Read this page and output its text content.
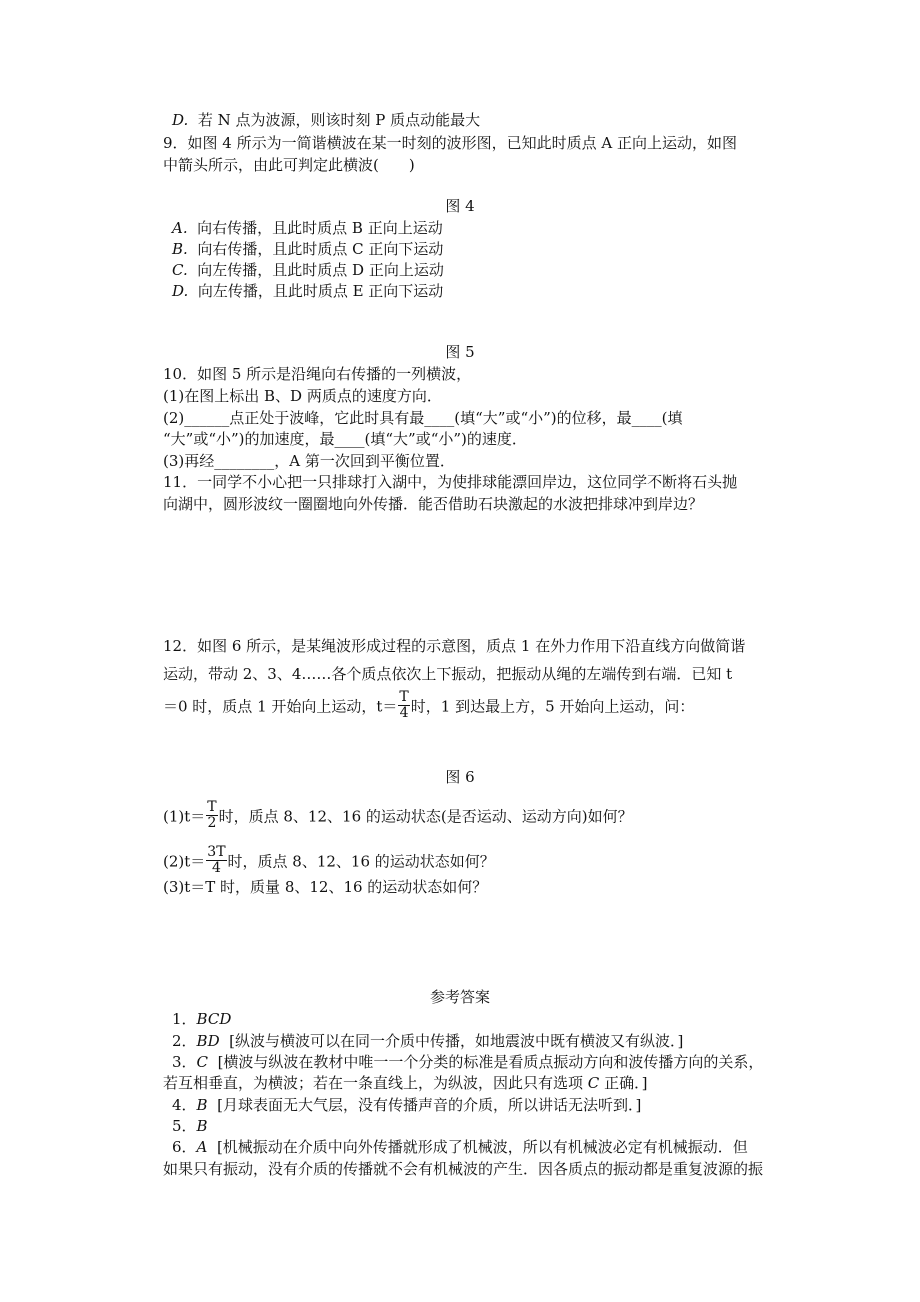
D. 若 N 点为波源，则该时刻 P 质点动能最大
9．如图 4 所示为一简谐横波在某一时刻的波形图，已知此时质点 A 正向上运动，如图
中箭头所示，由此可判定此横波(　　)
图 4
A. 向右传播，且此时质点 B 正向上运动
B. 向右传播，且此时质点 C 正向下运动
C. 向左传播，且此时质点 D 正向上运动
D. 向左传播，且此时质点 E 正向下运动
图 5
10．如图 5 所示是沿绳向右传播的一列横波，
(1)在图上标出 B、D 两质点的速度方向．
(2)______点正处于波峰，它此时具有最____(填“大”或“小”)的位移，最____(填
“大”或“小”)的加速度，最____(填“大”或“小”)的速度．
(3)再经________，A 第一次回到平衡位置．
11．一同学不小心把一只排球打入湖中，为使排球能漂回岸边，这位同学不断将石头抛
向湖中，圆形波纹一圈圈地向外传播．能否借助石块激起的水波把排球冲到岸边？
12．如图 6 所示，是某绳波形成过程的示意图，质点 1 在外力作用下沿直线方向做简谐
运动，带动 2、3、4……各个质点依次上下振动，把振动从绳的左端传到右端．已知 t
＝0 时，质点 1 开始向上运动，$t= \frac{T}{4}$ 时，1 到达最上方，5 开始向上运动，问：
图 6
$(1)t= \frac{T}{2}$ 时，质点 8、12、16 的运动状态(是否运动、运动方向)如何？
$(2)t= \frac{3T}{4}$ 时，质点 8、12、16 的运动状态如何？
(3)t＝T 时，质量 8、12、16 的运动状态如何？
参考答案
1．BCD
2．BD [纵波与横波可以在同一介质中传播，如地震波中既有横波又有纵波．]
3．C [横波与纵波在教材中唯一一个分类的标准是看质点振动方向和波传播方向的关系，
若互相垂直，为横波；若在一条直线上，为纵波，因此只有选项 C 正确．]
4．B [月球表面无大气层，没有传播声音的介质，所以讲话无法听到．]
5．B
6．A [机械振动在介质中向外传播就形成了机械波，所以有机械波必定有机械振动．但
如果只有振动，没有介质的传播就不会有机械波的产生．因各质点的振动都是重复波源的振
